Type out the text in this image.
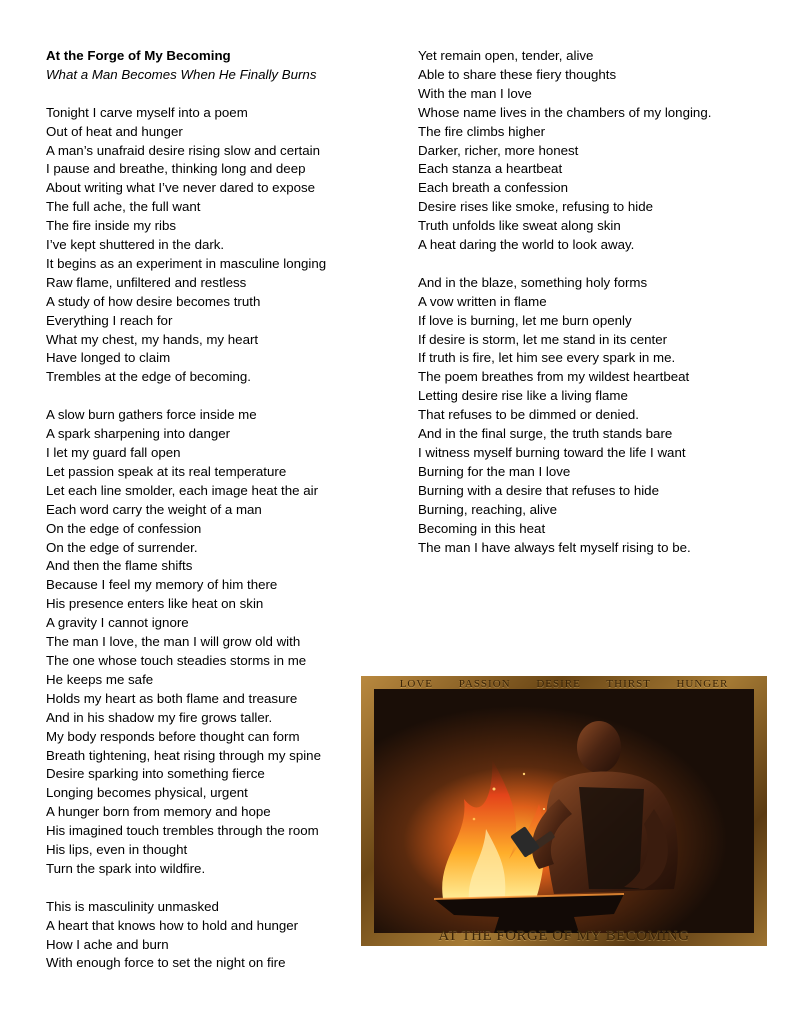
At the Forge of My Becoming
What a Man Becomes When He Finally Burns
Tonight I carve myself into a poem
Out of heat and hunger
A man’s unafraid desire rising slow and certain
I pause and breathe, thinking long and deep
About writing what I’ve never dared to expose
The full ache, the full want
The fire inside my ribs
I’ve kept shuttered in the dark.
It begins as an experiment in masculine longing
Raw flame, unfiltered and restless
A study of how desire becomes truth
Everything I reach for
What my chest, my hands, my heart
Have longed to claim
Trembles at the edge of becoming.
A slow burn gathers force inside me
A spark sharpening into danger
I let my guard fall open
Let passion speak at its real temperature
Let each line smolder, each image heat the air
Each word carry the weight of a man
On the edge of confession
On the edge of surrender.
And then the flame shifts
Because I feel my memory of him there
His presence enters like heat on skin
A gravity I cannot ignore
The man I love, the man I will grow old with
The one whose touch steadies storms in me
He keeps me safe
Holds my heart as both flame and treasure
And in his shadow my fire grows taller.
My body responds before thought can form
Breath tightening, heat rising through my spine
Desire sparking into something fierce
Longing becomes physical, urgent
A hunger born from memory and hope
His imagined touch trembles through the room
His lips, even in thought
Turn the spark into wildfire.
This is masculinity unmasked
A heart that knows how to hold and hunger
How I ache and burn
With enough force to set the night on fire
Yet remain open, tender, alive
Able to share these fiery thoughts
With the man I love
Whose name lives in the chambers of my longing.
The fire climbs higher
Darker, richer, more honest
Each stanza a heartbeat
Each breath a confession
Desire rises like smoke, refusing to hide
Truth unfolds like sweat along skin
A heat daring the world to look away.
And in the blaze, something holy forms
A vow written in flame
If love is burning, let me burn openly
If desire is storm, let me stand in its center
If truth is fire, let him see every spark in me.
The poem breathes from my wildest heartbeat
Letting desire rise like a living flame
That refuses to be dimmed or denied.
And in the final surge, the truth stands bare
I witness myself burning toward the life I want
Burning for the man I love
Burning with a desire that refuses to hide
Burning, reaching, alive
Becoming in this heat
The man I have always felt myself rising to be.
LOVE PASSION DESIRE THIRST HUNGER
AT THE FORGE OF MY BECOMING
